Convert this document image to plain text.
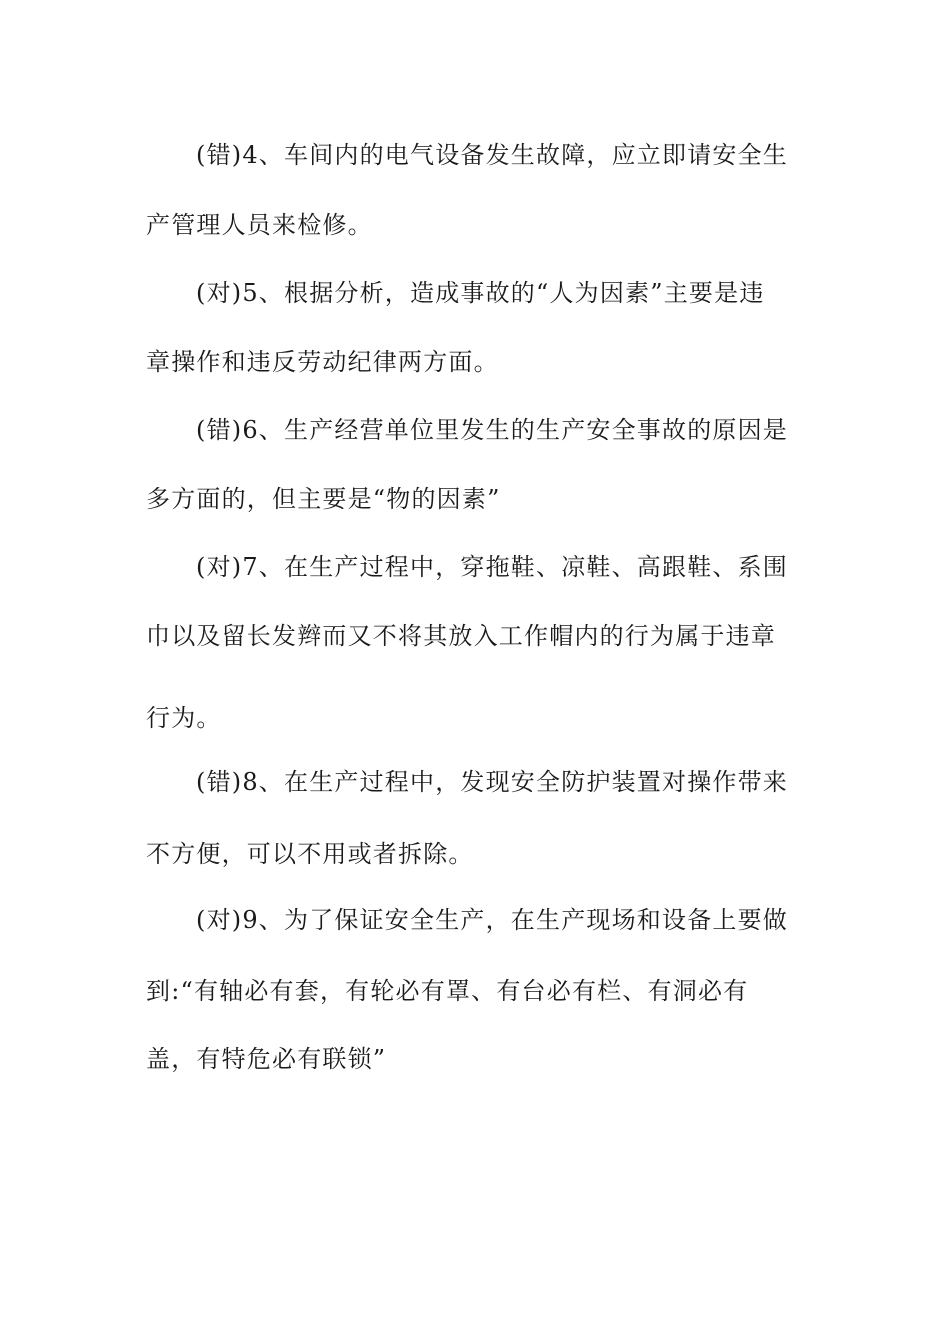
(错)4、车间内的电气设备发生故障，应立即请安全生
产管理人员来检修。
(对)5、根据分析，造成事故的“人为因素”主要是违
章操作和违反劳动纪律两方面。
(错)6、生产经营单位里发生的生产安全事故的原因是
多方面的，但主要是“物的因素”
(对)7、在生产过程中，穿拖鞋、凉鞋、高跟鞋、系围
巾以及留长发辫而又不将其放入工作帽内的行为属于违章
行为。
(错)8、在生产过程中，发现安全防护装置对操作带来
不方便，可以不用或者拆除。
(对)9、为了保证安全生产，在生产现场和设备上要做
到:“有轴必有套，有轮必有罩、有台必有栏、有洞必有
盖，有特危必有联锁”
